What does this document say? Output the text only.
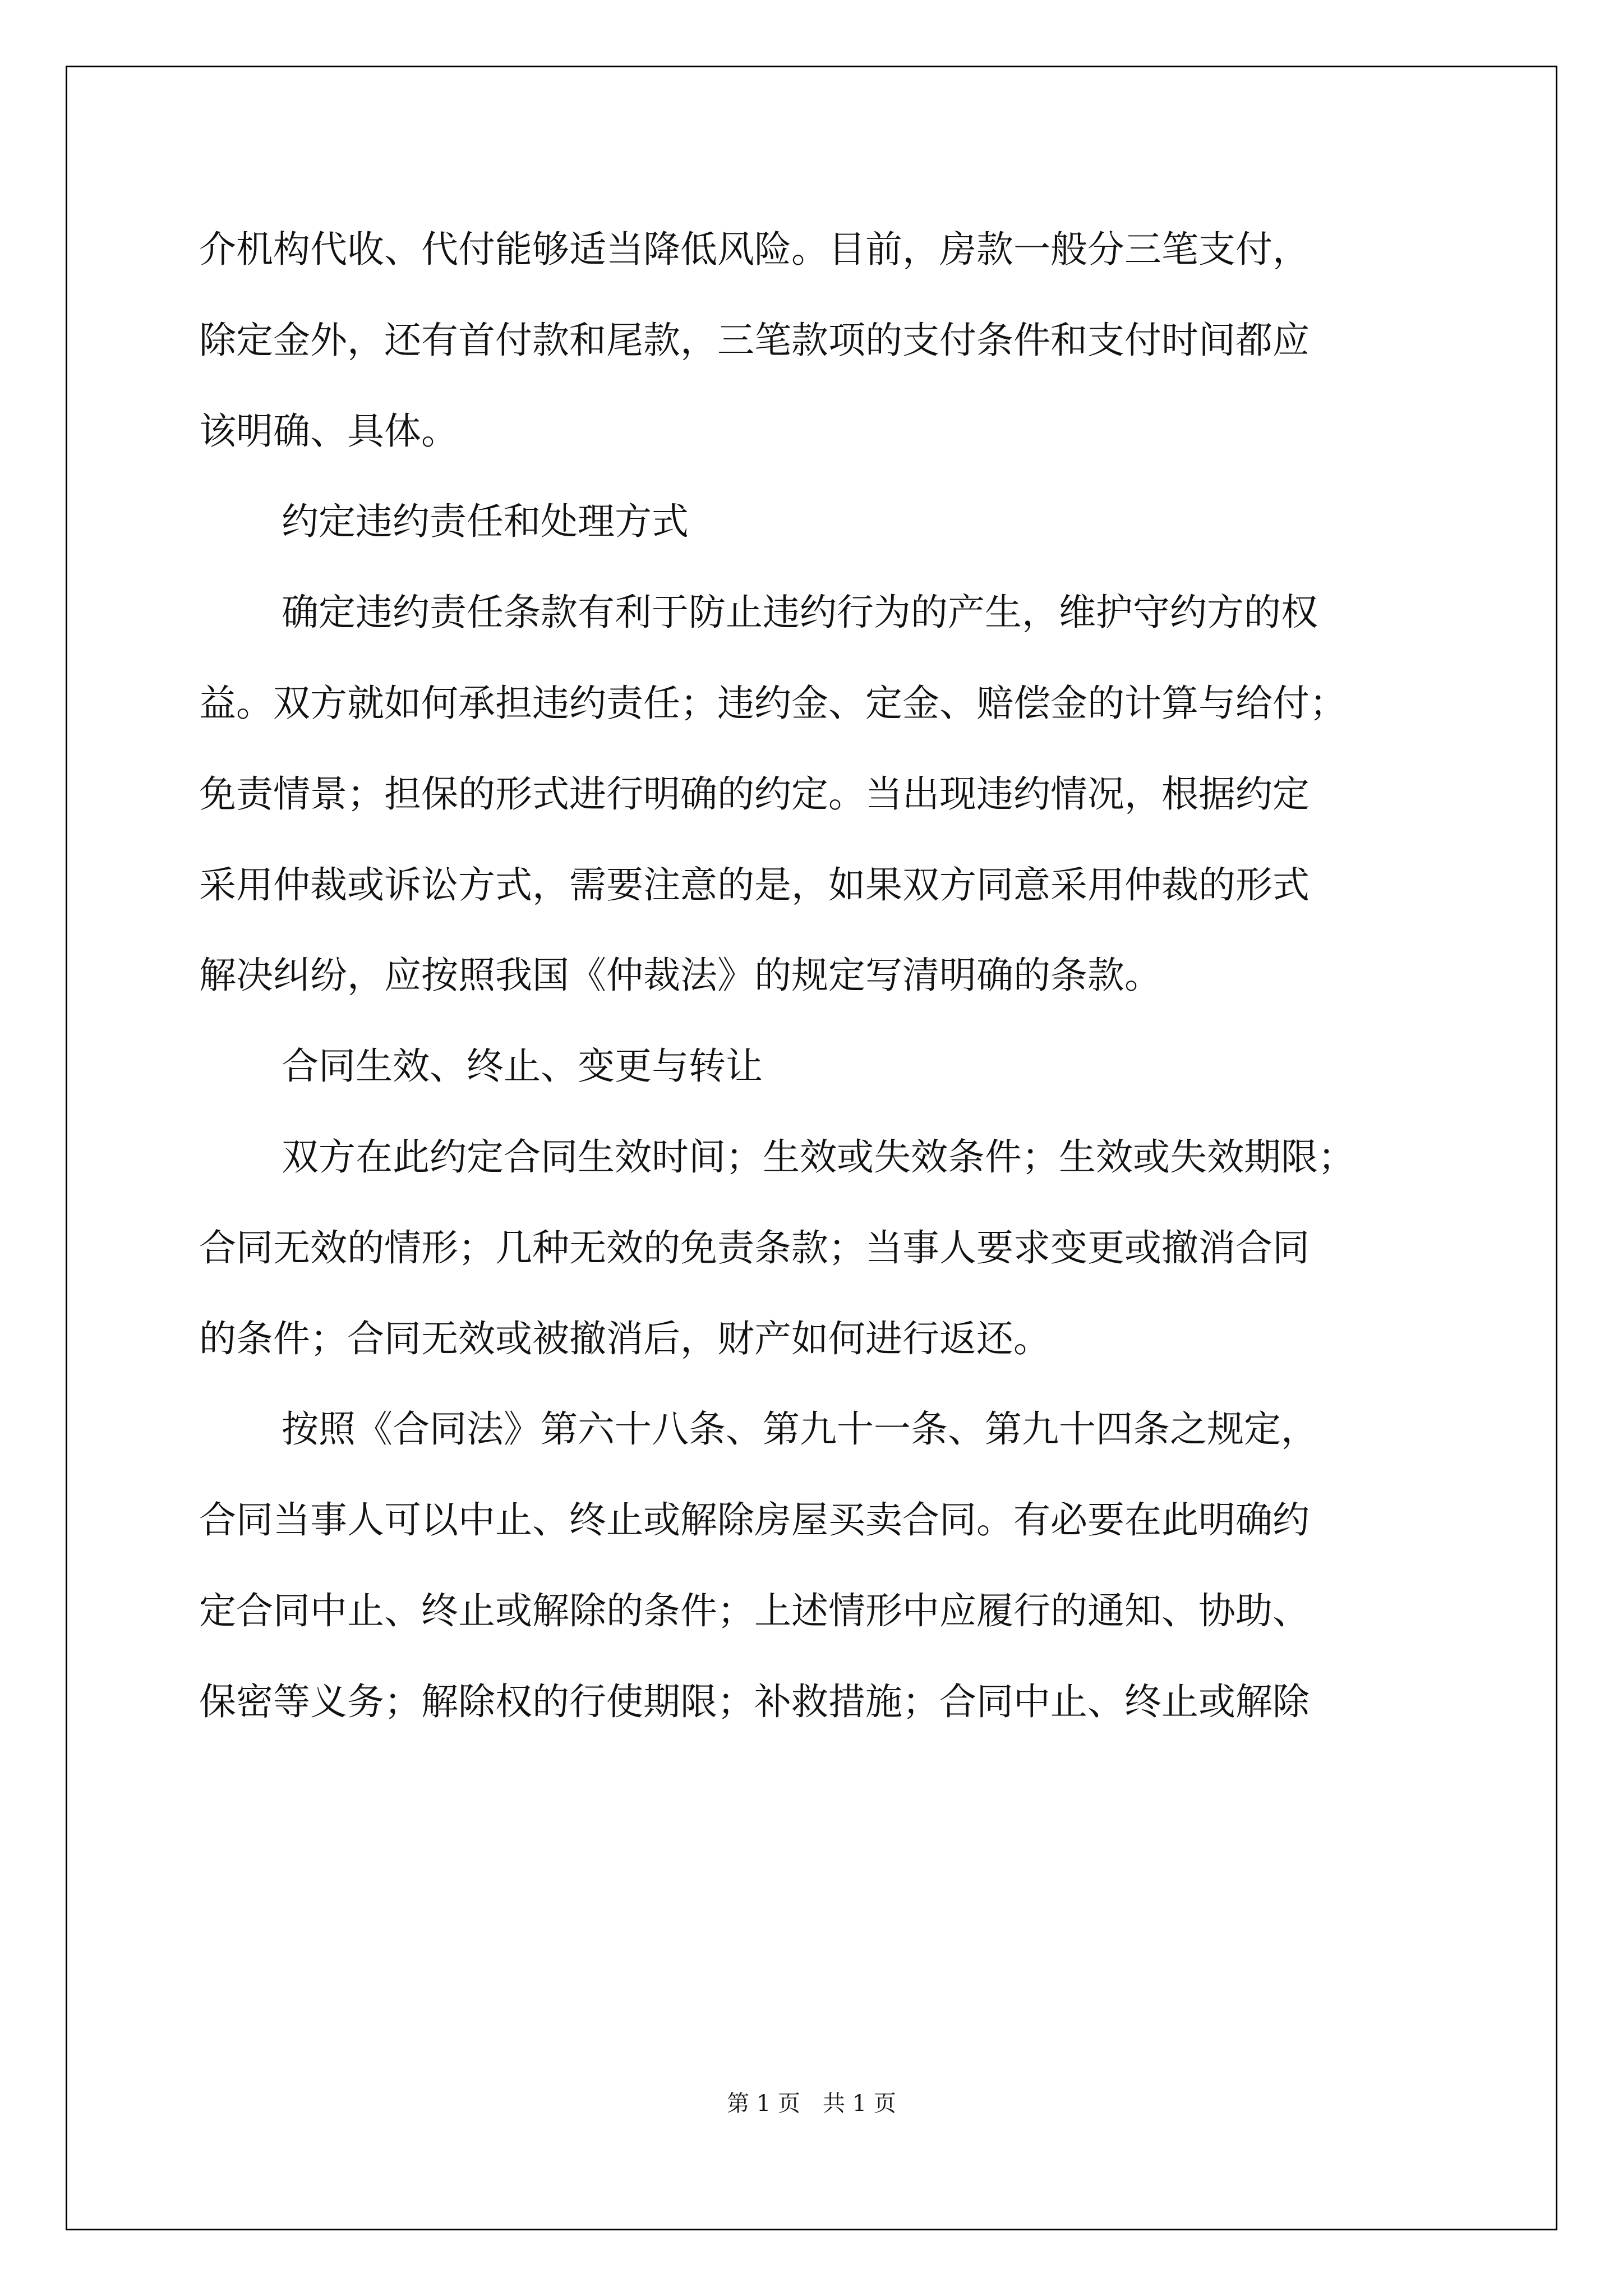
介机构代收、代付能够适当降低风险。目前，房款一般分三笔支付，
除定金外，还有首付款和尾款，三笔款项的支付条件和支付时间都应
该明确、具体。
约定违约责任和处理方式
确定违约责任条款有利于防止违约行为的产生，维护守约方的权
益。双方就如何承担违约责任；违约金、定金、赔偿金的计算与给付；
免责情景；担保的形式进行明确的约定。当出现违约情况，根据约定
采用仲裁或诉讼方式，需要注意的是，如果双方同意采用仲裁的形式
解决纠纷，应按照我国《仲裁法》的规定写清明确的条款。
合同生效、终止、变更与转让
双方在此约定合同生效时间；生效或失效条件；生效或失效期限；
合同无效的情形；几种无效的免责条款；当事人要求变更或撤消合同
的条件；合同无效或被撤消后，财产如何进行返还。
按照《合同法》第六十八条、第九十一条、第九十四条之规定，
合同当事人可以中止、终止或解除房屋买卖合同。有必要在此明确约
定合同中止、终止或解除的条件；上述情形中应履行的通知、协助、
保密等义务；解除权的行使期限；补救措施；合同中止、终止或解除
第 1 页　共 1 页
